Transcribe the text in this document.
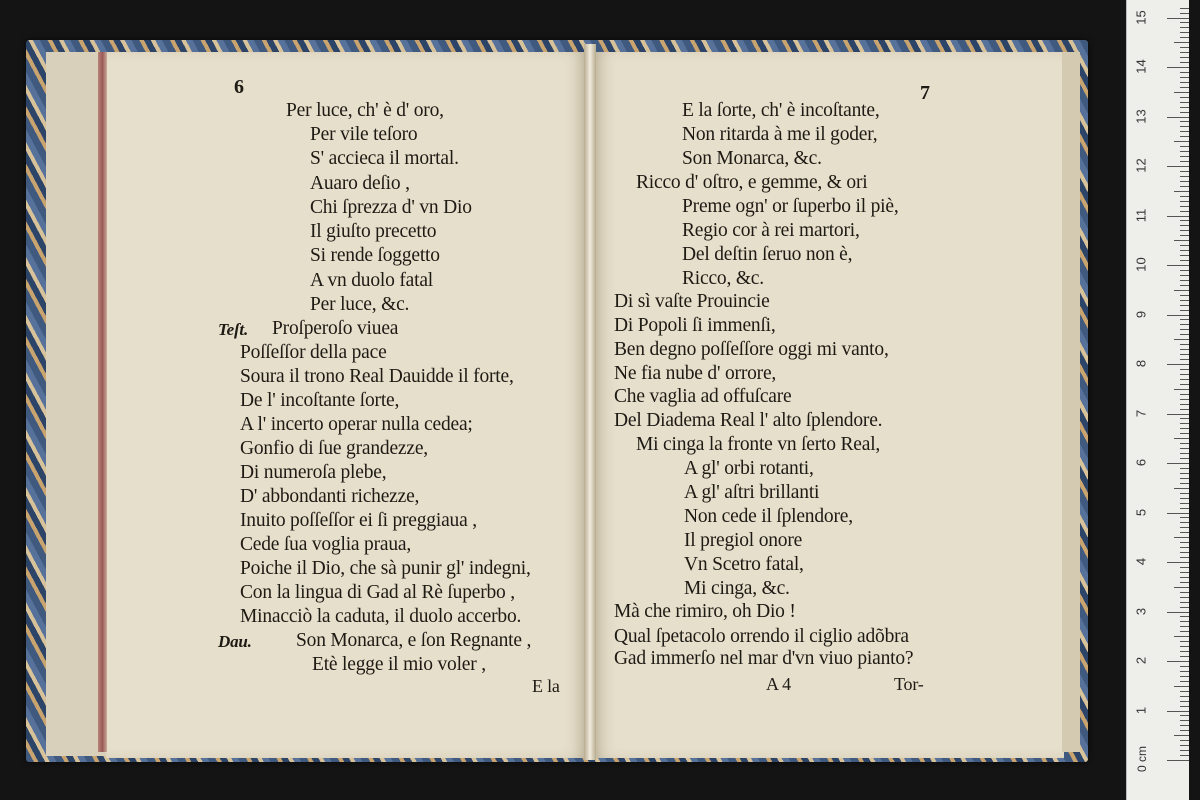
6
Per luce, ch' è d' oro,
Per vile teſoro
S' accieca il mortal.
Auaro deſio ,
Chi ſprezza d' vn Dio
Il giuſto precetto
Si rende ſoggetto
A vn duolo fatal
Per luce, &c.
Teſt. Proſperoſo viuea
Poſſeſſor della pace
Soura il trono Real Dauidde il forte,
De l' incoſtante ſorte,
A l' incerto operar nulla cedea;
Gonfio di ſue grandezze,
Di numeroſa plebe,
D' abbondanti richezze,
Inuito poſſeſſor ei ſi preggiaua ,
Cede ſua voglia praua,
Poiche il Dio, che sà punir gl' indegni,
Con la lingua di Gad al Rè ſuperbo ,
Minacciò la caduta, il duolo accerbo.
Dau. Son Monarca, e ſon Regnante ,
Etè legge il mio voler ,
E la
7
E la ſorte, ch' è incoſtante,
Non ritarda à me il goder,
Son Monarca, &c.
Ricco d' oſtro, e gemme, & ori
Preme ogn' or ſuperbo il piè,
Regio cor à rei martori,
Del deſtin ſeruo non è,
Ricco, &c.
Di sì vaſte Prouincie
Di Popoli ſi immenſi,
Ben degno poſſeſſore oggi mi vanto,
Ne fia nube d' orrore,
Che vaglia ad offuſcare
Del Diadema Real l' alto ſplendore.
Mi cinga la fronte vn ſerto Real,
A gl' orbi rotanti,
A gl' aſtri brillanti
Non cede il ſplendore,
Il pregiol onore
Vn Scetro fatal,
Mi cinga, &c.
Mà che rimiro, oh Dio !
Qual ſpetacolo orrendo il ciglio adõbra
Gad immerſo nel mar d'vn viuo pianto?
A 4	Tor-
0 cm
1
2
3
4
5
6
7
8
9
10
11
12
13
14
15
